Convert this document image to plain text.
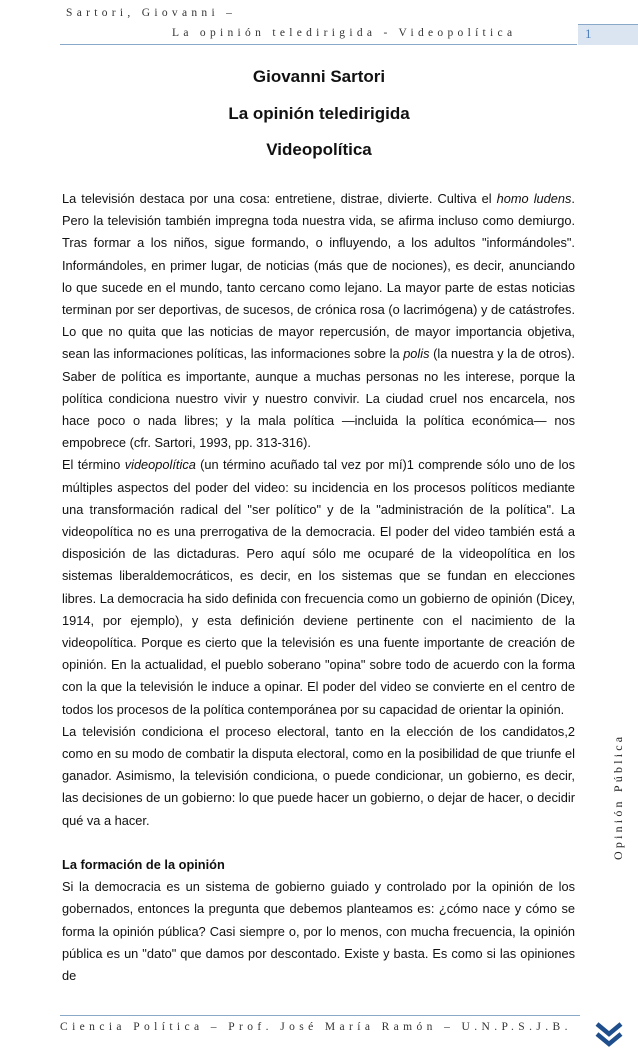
Sartori, Giovanni –
La opinión teledirigida - Videopolítica	1
Giovanni Sartori
La opinión teledirigida
Videopolítica

La televisión destaca por una cosa: entretiene, distrae, divierte. Cultiva el homo ludens. Pero la televisión también impregna toda nuestra vida, se afirma incluso como demiurgo. Tras formar a los niños, sigue formando, o influyendo, a los adultos "informándoles". Informándoles, en primer lugar, de noticias (más que de nociones), es decir, anunciando lo que sucede en el mundo, tanto cercano como lejano. La mayor parte de estas noticias terminan por ser deportivas, de sucesos, de crónica rosa (o lacrimógena) y de catástrofes. Lo que no quita que las noticias de mayor repercusión, de mayor importancia objetiva, sean las informaciones políticas, las informaciones sobre la polis (la nuestra y la de otros). Saber de política es importante, aunque a muchas personas no les interese, porque la política condiciona nuestro vivir y nuestro convivir. La ciudad cruel nos encarcela, nos hace poco o nada libres; y la mala política —incluida la política económica— nos empobrece (cfr. Sartori, 1993, pp. 313-316).

El término videopolítica (un término acuñado tal vez por mí)1 comprende sólo uno de los múltiples aspectos del poder del video: su incidencia en los procesos políticos mediante una transformación radical del "ser político" y de la "administración de la política". La videopolítica no es una prerrogativa de la democracia. El poder del video también está a disposición de las dictaduras. Pero aquí sólo me ocuparé de la videopolítica en los sistemas liberaldemocráticos, es decir, en los sistemas que se fundan en elecciones libres. La democracia ha sido definida con frecuencia como un gobierno de opinión (Dicey, 1914, por ejemplo), y esta definición deviene pertinente con el nacimiento de la videopolítica. Porque es cierto que la televisión es una fuente importante de creación de opinión. En la actualidad, el pueblo soberano "opina" sobre todo de acuerdo con la forma con la que la televisión le induce a opinar. El poder del video se convierte en el centro de todos los procesos de la política contemporánea por su capacidad de orientar la opinión.

La televisión condiciona el proceso electoral, tanto en la elección de los candidatos,2 como en su modo de combatir la disputa electoral, como en la posibilidad de que triunfe el ganador. Asimismo, la televisión condiciona, o puede condicionar, un gobierno, es decir, las decisiones de un gobierno: lo que puede hacer un gobierno, o dejar de hacer, o decidir qué va a hacer.

La formación de la opinión

Si la democracia es un sistema de gobierno guiado y controlado por la opinión de los gobernados, entonces la pregunta que debemos planteamos es: ¿cómo nace y cómo se forma la opinión pública? Casi siempre o, por lo menos, con mucha frecuencia, la opinión pública es un "dato" que damos por descontado. Existe y basta. Es como si las opiniones de

Opinión Pública
Ciencia Política – Prof. José María Ramón – U.N.P.S.J.B.
